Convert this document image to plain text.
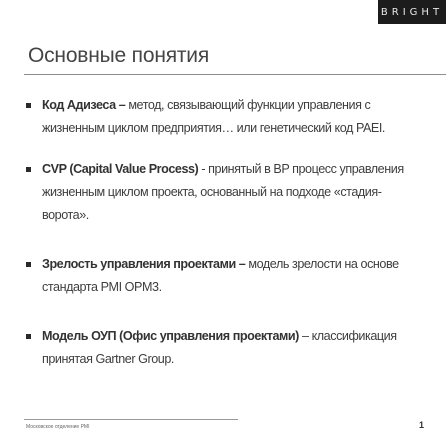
BRIGHT
Основные понятия
Код Адизеса – метод, связывающий функции управления с жизненным циклом предприятия… или генетический код PAEI.
CVP (Capital Value Process) - принятый в BP процесс управления жизненным циклом проекта, основанный на подходе «стадия-ворота».
Зрелость управления проектами – модель зрелости на основе стандарта PMI OPM3.
Модель ОУП (Офис управления проектами) – классификация принятая Gartner Group.
Московское отделение PMI	1
